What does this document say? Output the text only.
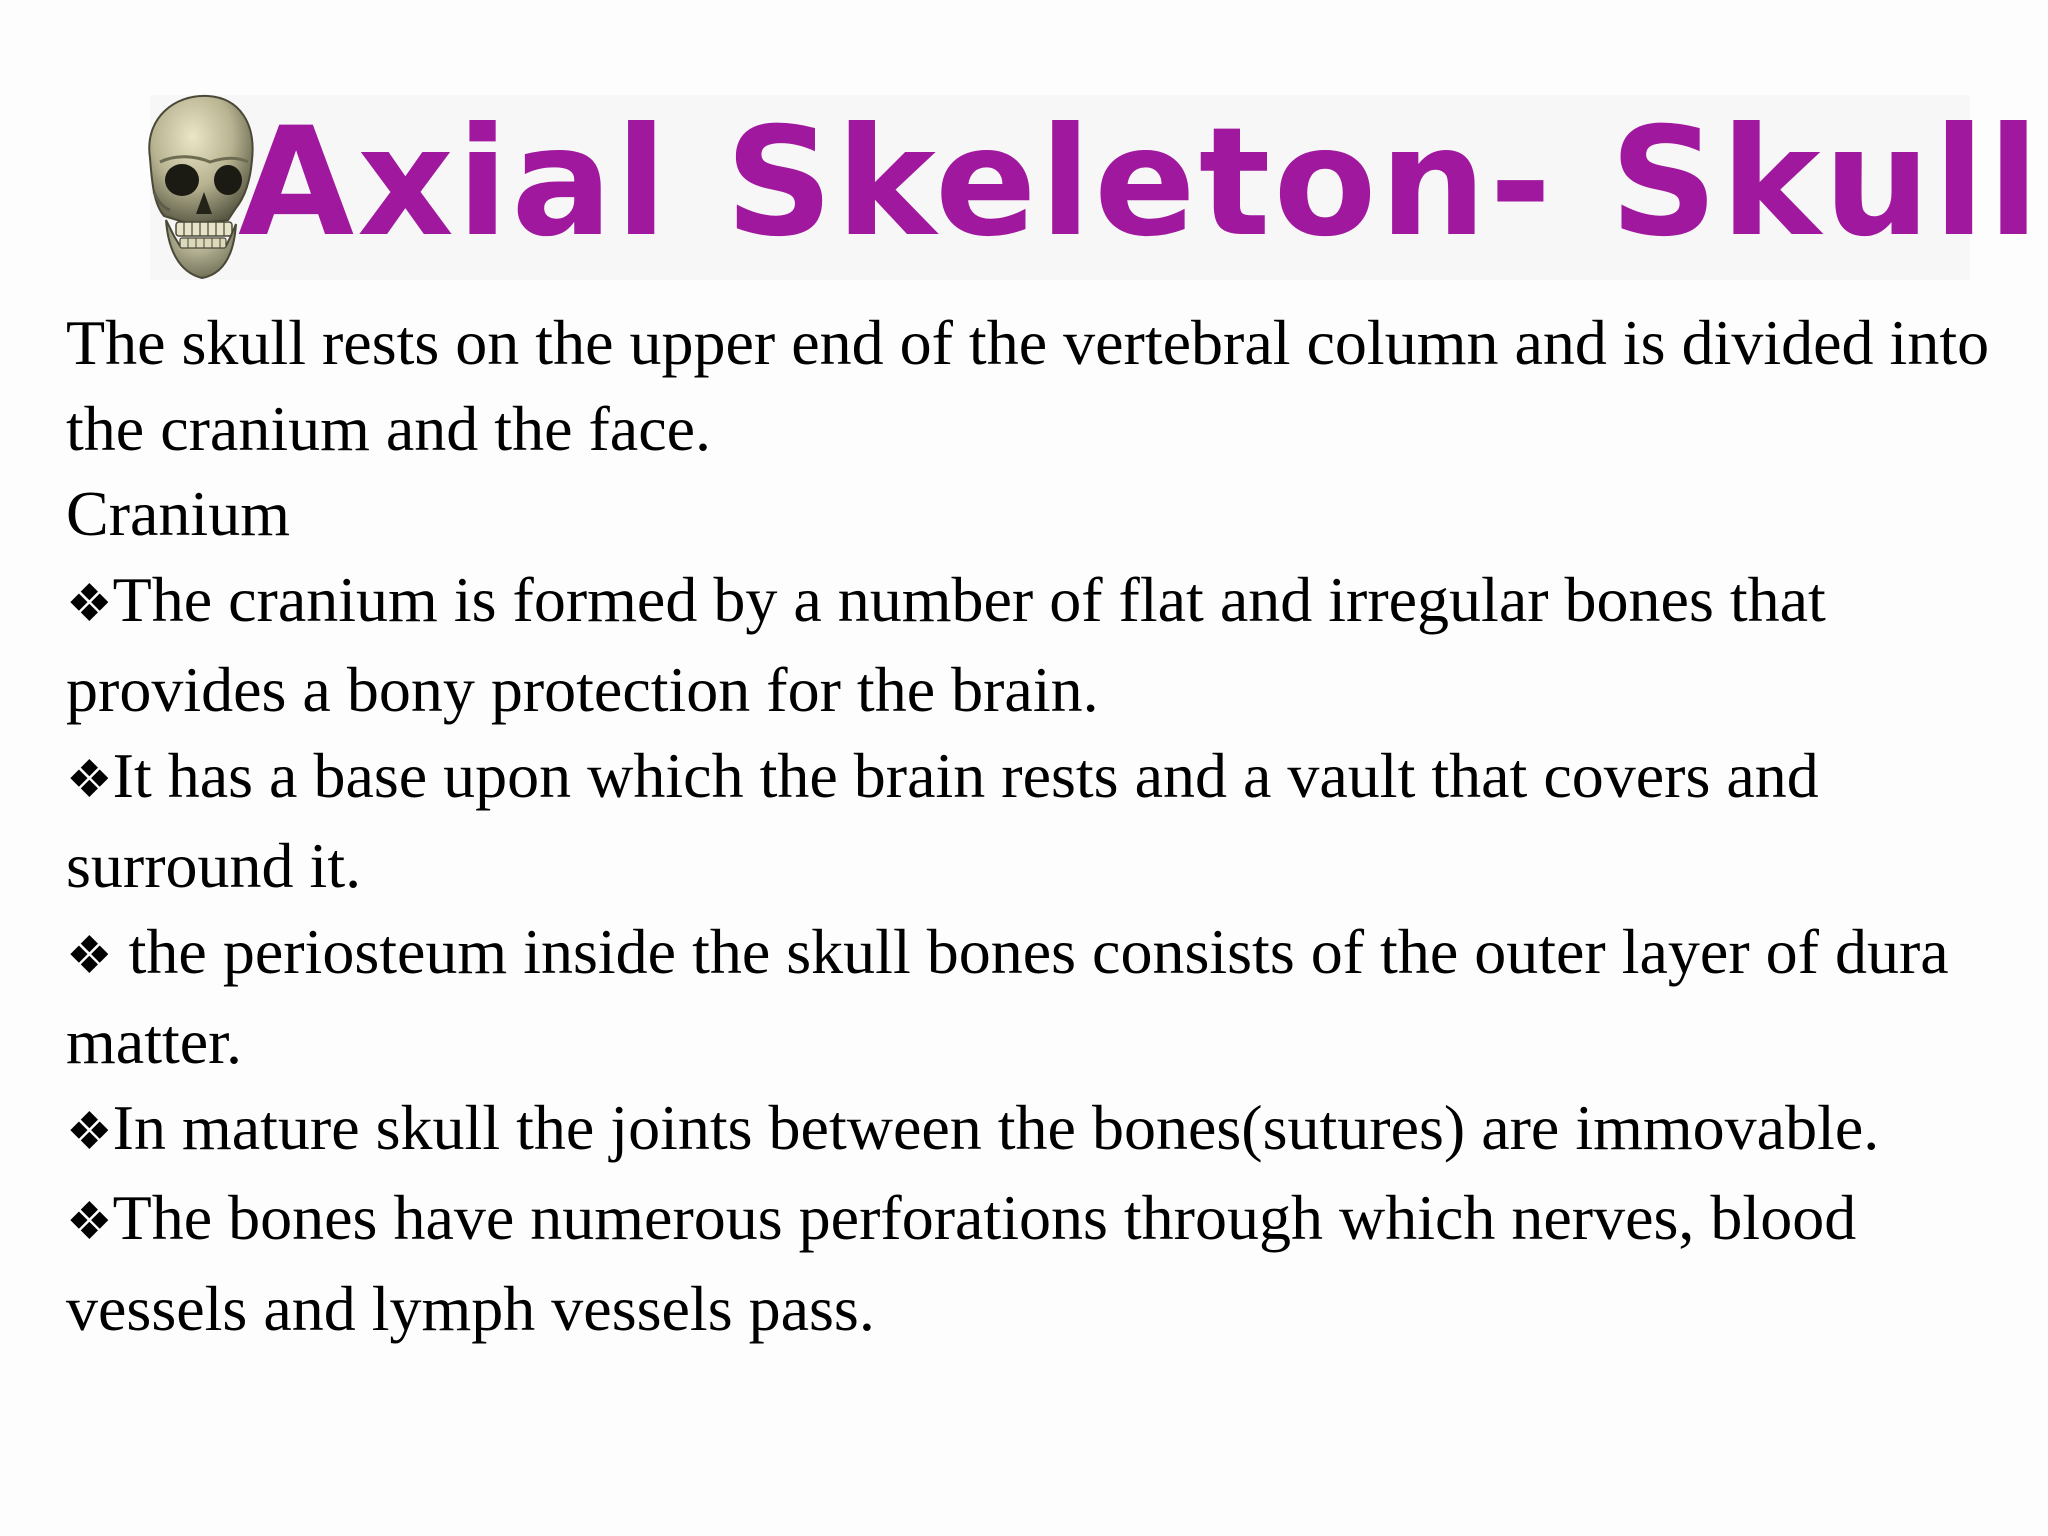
Axial Skeleton- Skull

The skull rests on the upper end of the vertebral column and is divided into the cranium and the face.

Cranium

❖The cranium is formed by a number of flat and irregular bones that provides a bony protection for the brain.

❖It has a base upon which the brain rests and a vault that covers and surround it.

❖ the periosteum inside the skull bones consists of the outer layer of dura matter.

❖In mature skull the joints between the bones(sutures) are immovable.

❖The bones have numerous perforations through which nerves, blood vessels and lymph vessels pass.
